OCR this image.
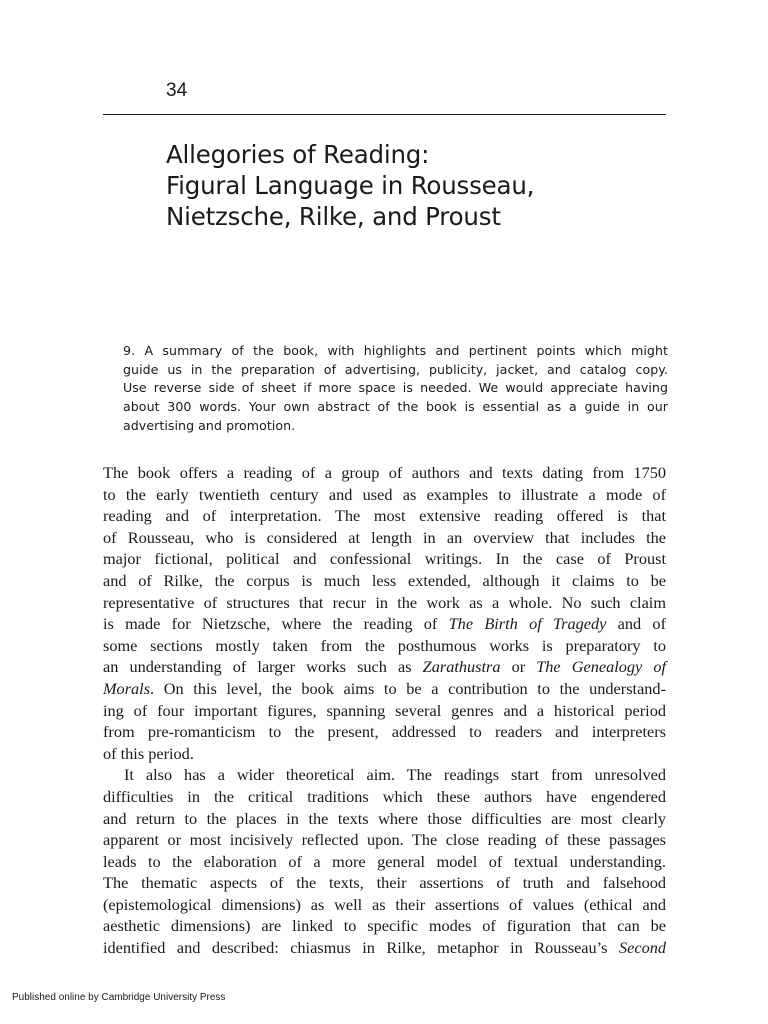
34
Allegories of Reading:
Figural Language in Rousseau,
Nietzsche, Rilke, and Proust
9. A summary of the book, with highlights and pertinent points which might
guide us in the preparation of advertising, publicity, jacket, and catalog copy.
Use reverse side of sheet if more space is needed. We would appreciate having
about 300 words. Your own abstract of the book is essential as a guide in our
advertising and promotion.
The book offers a reading of a group of authors and texts dating from 1750
to the early twentieth century and used as examples to illustrate a mode of
reading and of interpretation. The most extensive reading offered is that
of Rousseau, who is considered at length in an overview that includes the
major fictional, political and confessional writings. In the case of Proust
and of Rilke, the corpus is much less extended, although it claims to be
representative of structures that recur in the work as a whole. No such claim
is made for Nietzsche, where the reading of The Birth of Tragedy and of
some sections mostly taken from the posthumous works is preparatory to
an understanding of larger works such as Zarathustra or The Genealogy of
Morals. On this level, the book aims to be a contribution to the understand-
ing of four important figures, spanning several genres and a historical period
from pre-romanticism to the present, addressed to readers and interpreters
of this period.
It also has a wider theoretical aim. The readings start from unresolved
difficulties in the critical traditions which these authors have engendered
and return to the places in the texts where those difficulties are most clearly
apparent or most incisively reflected upon. The close reading of these passages
leads to the elaboration of a more general model of textual understanding.
The thematic aspects of the texts, their assertions of truth and falsehood
(epistemological dimensions) as well as their assertions of values (ethical and
aesthetic dimensions) are linked to specific modes of figuration that can be
identified and described: chiasmus in Rilke, metaphor in Rousseau’s Second
Published online by Cambridge University Press
